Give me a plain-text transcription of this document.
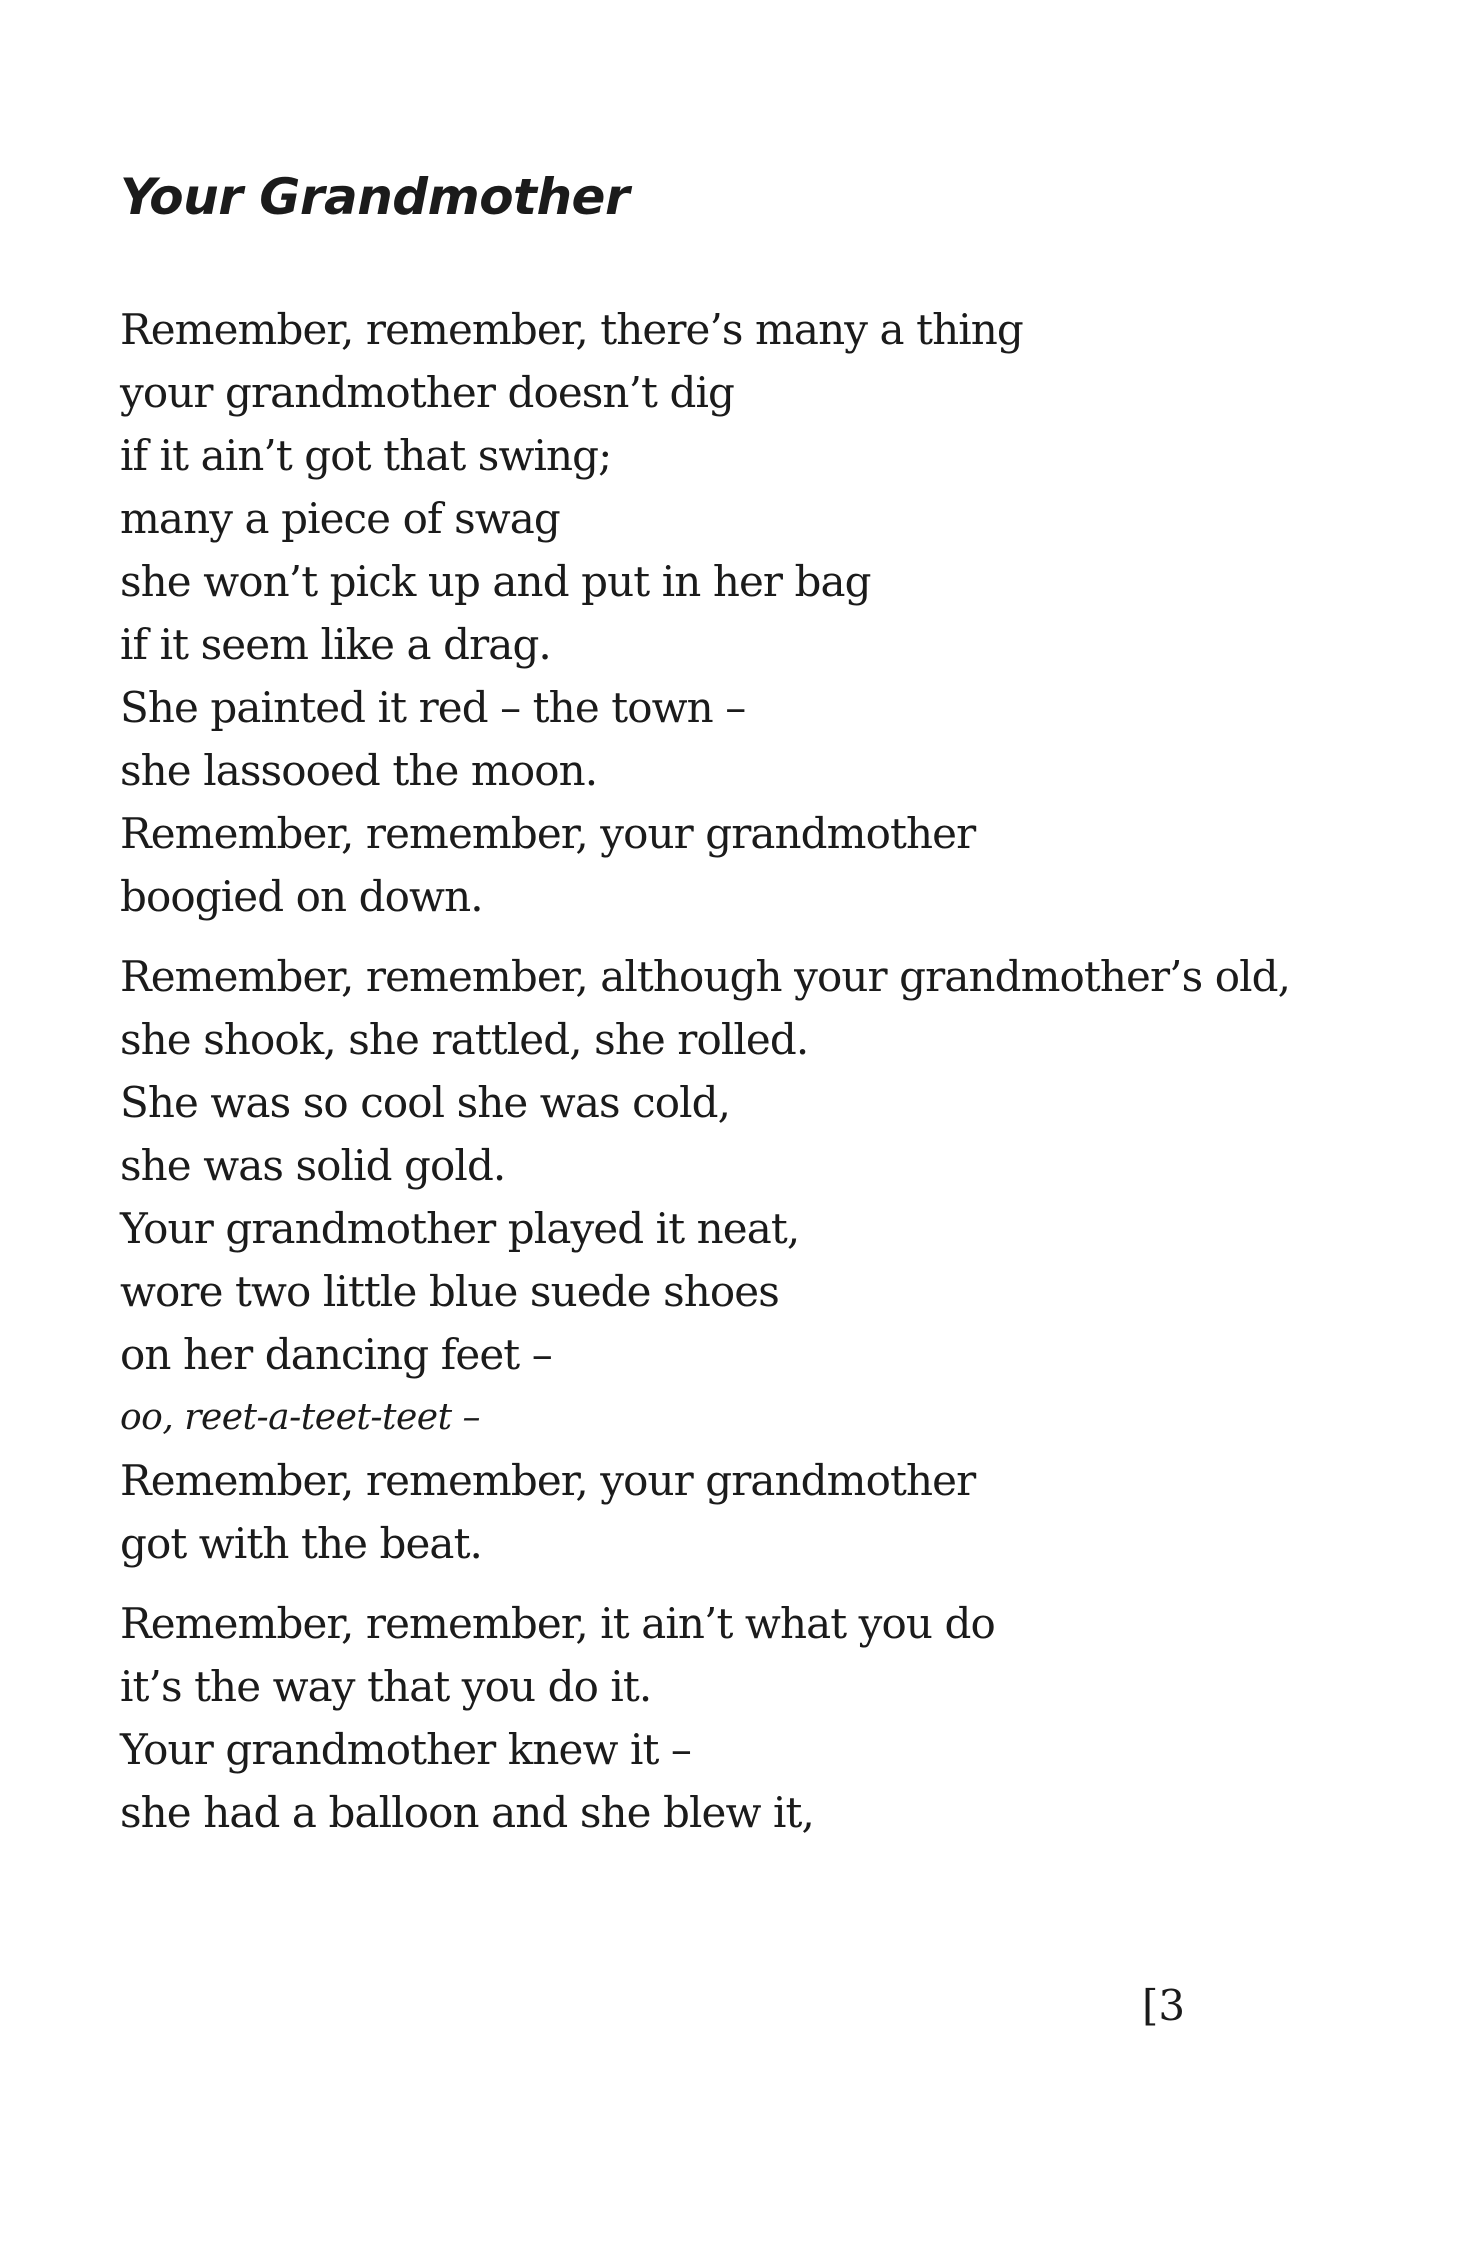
Your Grandmother
Remember, remember, there’s many a thing
your grandmother doesn’t dig
if it ain’t got that swing;
many a piece of swag
she won’t pick up and put in her bag
if it seem like a drag.
She painted it red – the town –
she lassooed the moon.
Remember, remember, your grandmother
boogied on down.
Remember, remember, although your grandmother’s old,
she shook, she rattled, she rolled.
She was so cool she was cold,
she was solid gold.
Your grandmother played it neat,
wore two little blue suede shoes
on her dancing feet –
oo, reet-a-teet-teet –
Remember, remember, your grandmother
got with the beat.
Remember, remember, it ain’t what you do
it’s the way that you do it.
Your grandmother knew it –
she had a balloon and she blew it,
[3
